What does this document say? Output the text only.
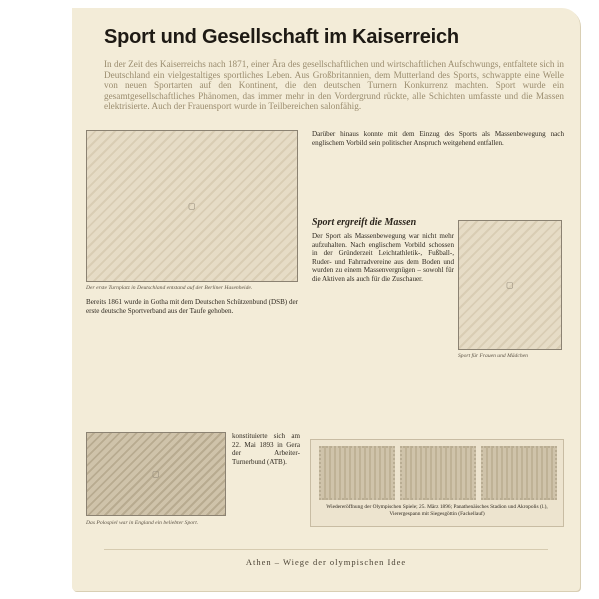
Sport und Gesellschaft im Kaiserreich
In der Zeit des Kaiserreichs nach 1871, einer Ära des gesellschaftlichen und wirtschaftlichen Aufschwungs, entfaltete sich in Deutschland ein vielgestaltiges sportliches Leben. Aus Großbritannien, dem Mutterland des Sports, schwappte eine Welle von neuen Sportarten auf den Kontinent, die den deutschen Turnern Konkurrenz machten. Sport wurde ein gesamtgesellschaftliches Phänomen, das immer mehr in den Vordergrund rückte, alle Schichten umfasste und die Massen elektrisierte. Auch der Frauensport wurde in Teilbereichen salonfähig.
▢
Der erste Turnplatz in Deutschland entstand auf der Berliner Hasenheide.
Darüber hinaus konnte mit dem Einzug des Sports als Massenbewegung nach englischem Vorbild sein politischer Anspruch weitgehend entfallen.
Sport ergreift die Massen
Der Sport als Massenbewegung war nicht mehr aufzuhalten. Nach englischem Vorbild schossen in der Gründerzeit Leichtathletik-, Fußball-, Ruder- und Fahrradvereine aus dem Boden und wurden zu einem Massenvergnügen – sowohl für die Aktiven als auch für die Zuschauer.
▢
Sport für Frauen und Mädchen
Bereits 1861 wurde in Gotha mit dem Deutschen Schützenbund (DSB) der erste deutsche Sportverband aus der Taufe gehoben.
▢
Das Polospiel war in England ein beliebter Sport.
konstituierte sich am 22. Mai 1893 in Gera der Arbeiter-Turnerbund (ATB).
Wiedereröffnung der Olympischen Spiele; 25. März 1896; Panathenäisches Stadion und Akropolis (l.), Vierergespann mit Siegesgöttin (Fackellauf)
Athen – Wiege der olympischen Idee
